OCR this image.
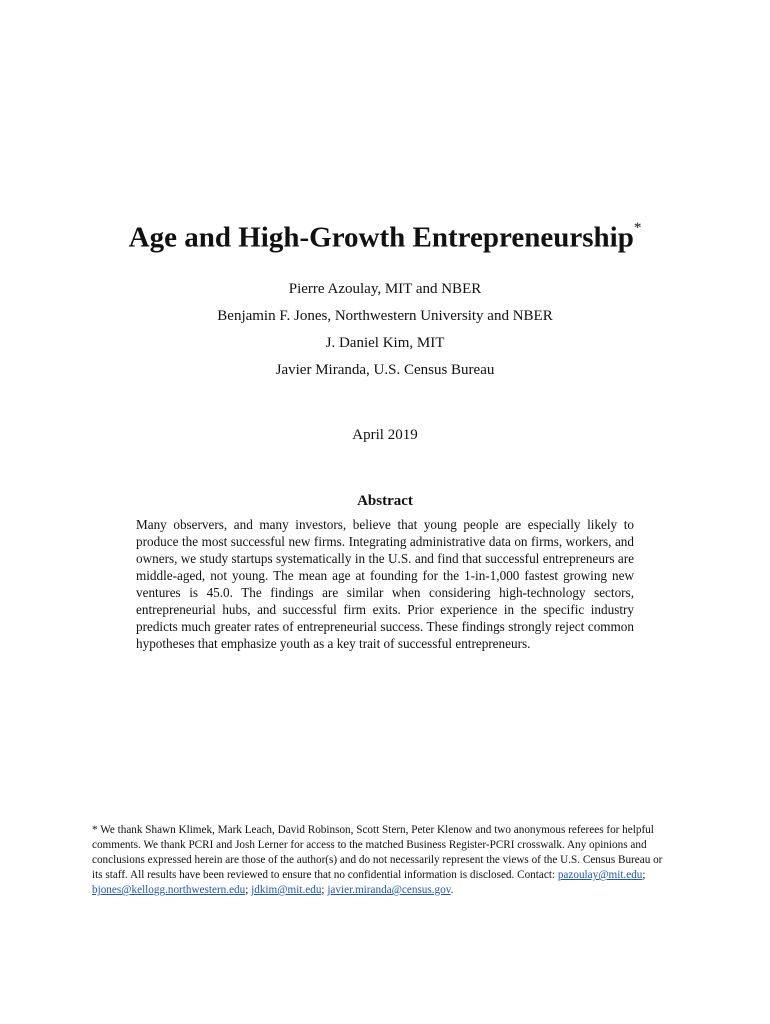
Age and High-Growth Entrepreneurship*
Pierre Azoulay, MIT and NBER
Benjamin F. Jones, Northwestern University and NBER
J. Daniel Kim, MIT
Javier Miranda, U.S. Census Bureau
April 2019
Abstract

Many observers, and many investors, believe that young people are especially likely to produce the most successful new firms. Integrating administrative data on firms, workers, and owners, we study startups systematically in the U.S. and find that successful entrepreneurs are middle-aged, not young. The mean age at founding for the 1-in-1,000 fastest growing new ventures is 45.0. The findings are similar when considering high-technology sectors, entrepreneurial hubs, and successful firm exits. Prior experience in the specific industry predicts much greater rates of entrepreneurial success. These findings strongly reject common hypotheses that emphasize youth as a key trait of successful entrepreneurs.

* We thank Shawn Klimek, Mark Leach, David Robinson, Scott Stern, Peter Klenow and two anonymous referees for helpful comments. We thank PCRI and Josh Lerner for access to the matched Business Register-PCRI crosswalk. Any opinions and conclusions expressed herein are those of the author(s) and do not necessarily represent the views of the U.S. Census Bureau or its staff. All results have been reviewed to ensure that no confidential information is disclosed. Contact: pazoulay@mit.edu; bjones@kellogg.northwestern.edu; jdkim@mit.edu; javier.miranda@census.gov.
